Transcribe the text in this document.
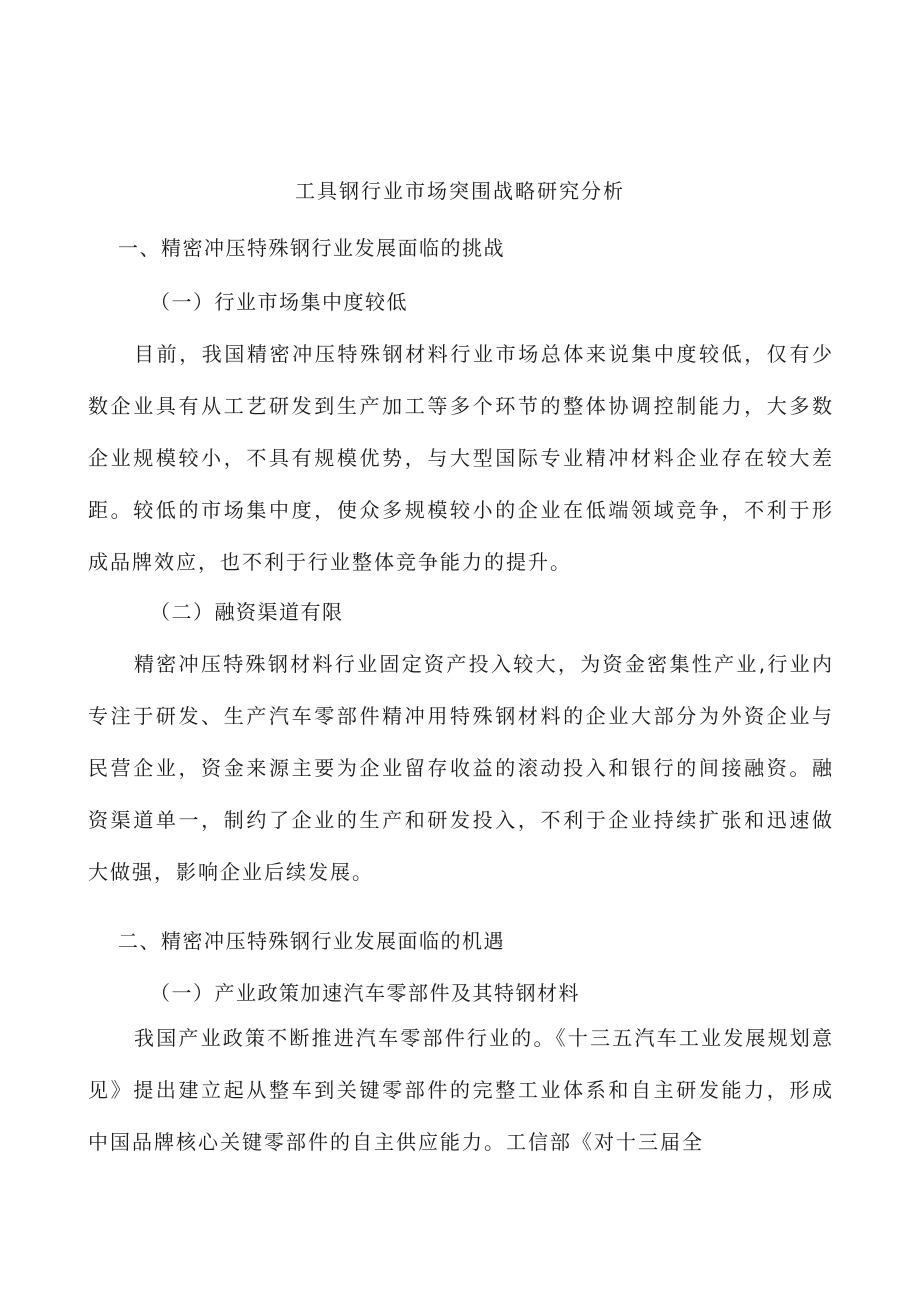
工具钢行业市场突围战略研究分析
一、精密冲压特殊钢行业发展面临的挑战
（一）行业市场集中度较低
目前，我国精密冲压特殊钢材料行业市场总体来说集中度较低，仅有少数企业具有从工艺研发到生产加工等多个环节的整体协调控制能力，大多数企业规模较小，不具有规模优势，与大型国际专业精冲材料企业存在较大差距。较低的市场集中度，使众多规模较小的企业在低端领域竞争，不利于形成品牌效应，也不利于行业整体竞争能力的提升。
（二）融资渠道有限
精密冲压特殊钢材料行业固定资产投入较大，为资金密集性产业,行业内专注于研发、生产汽车零部件精冲用特殊钢材料的企业大部分为外资企业与民营企业，资金来源主要为企业留存收益的滚动投入和银行的间接融资。融资渠道单一，制约了企业的生产和研发投入，不利于企业持续扩张和迅速做大做强，影响企业后续发展。
二、精密冲压特殊钢行业发展面临的机遇
（一）产业政策加速汽车零部件及其特钢材料
我国产业政策不断推进汽车零部件行业的。《十三五汽车工业发展规划意见》提出建立起从整车到关键零部件的完整工业体系和自主研发能力，形成中国品牌核心关键零部件的自主供应能力。工信部《对十三届全
